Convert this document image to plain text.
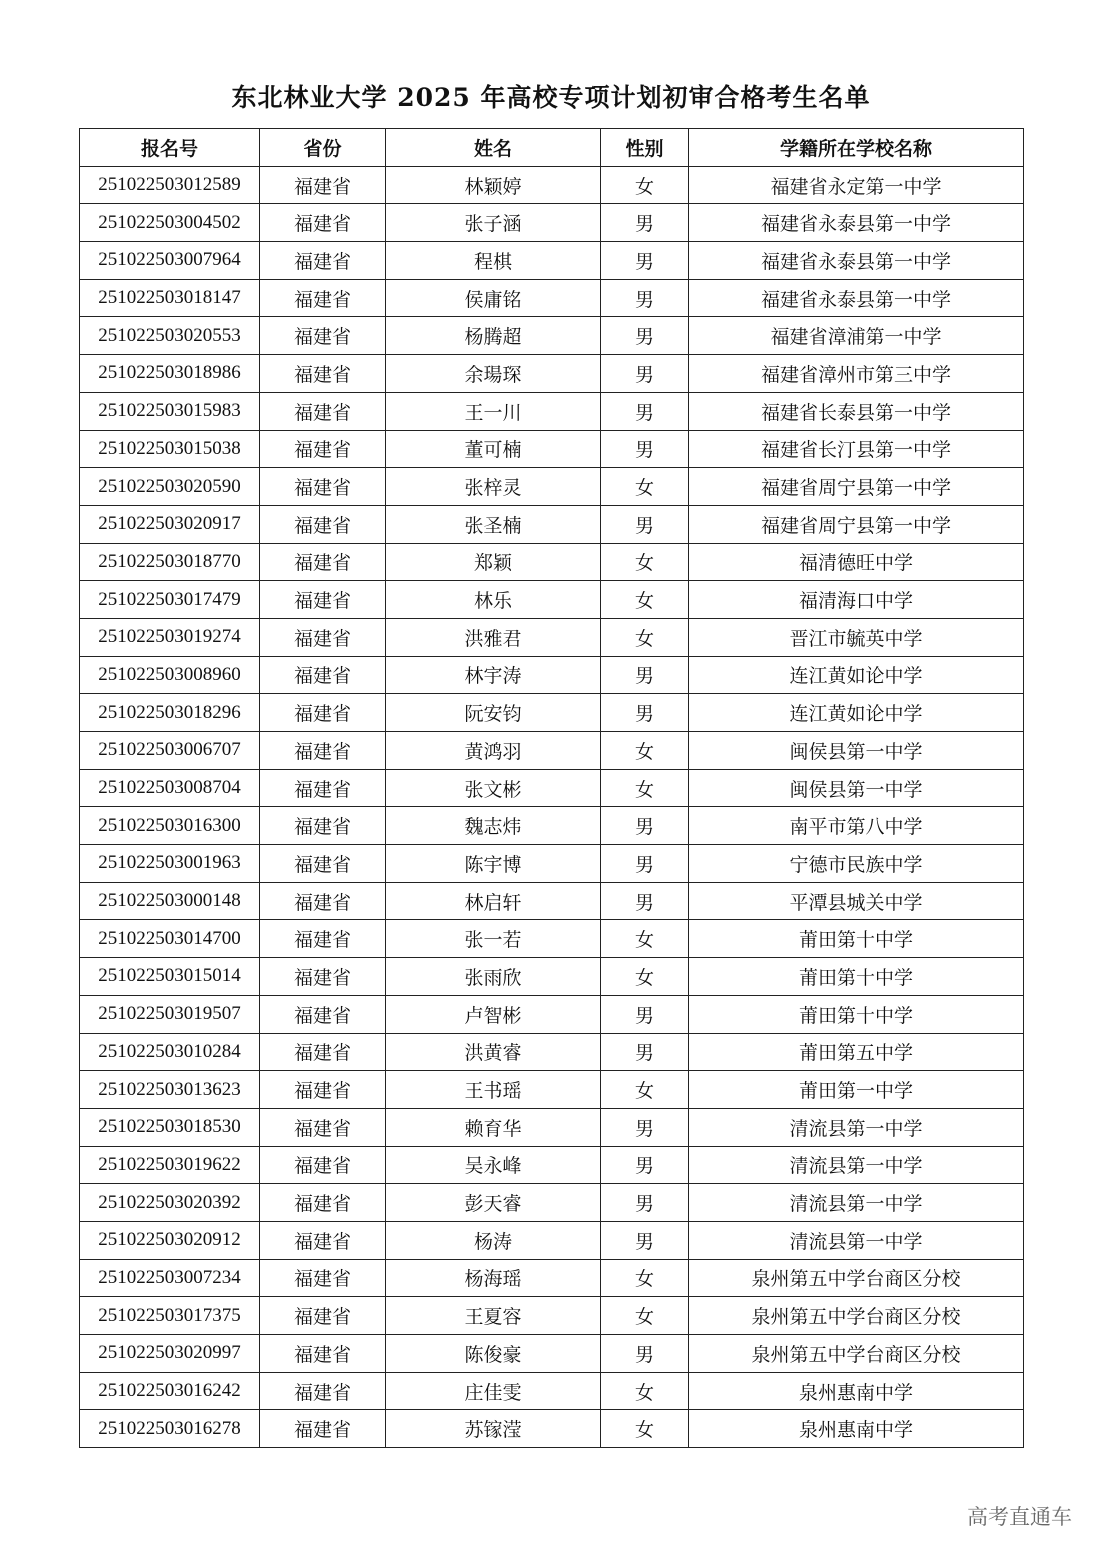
东北林业大学 2025 年高校专项计划初审合格考生名单
报名号	省份	姓名	性别	学籍所在学校名称
251022503012589	福建省	林颖婷	女	福建省永定第一中学
251022503004502	福建省	张子涵	男	福建省永泰县第一中学
251022503007964	福建省	程棋	男	福建省永泰县第一中学
251022503018147	福建省	侯庸铭	男	福建省永泰县第一中学
251022503020553	福建省	杨腾超	男	福建省漳浦第一中学
251022503018986	福建省	余瑒琛	男	福建省漳州市第三中学
251022503015983	福建省	王一川	男	福建省长泰县第一中学
251022503015038	福建省	董可楠	男	福建省长汀县第一中学
251022503020590	福建省	张梓灵	女	福建省周宁县第一中学
251022503020917	福建省	张圣楠	男	福建省周宁县第一中学
251022503018770	福建省	郑颖	女	福清德旺中学
251022503017479	福建省	林乐	女	福清海口中学
251022503019274	福建省	洪雅君	女	晋江市毓英中学
251022503008960	福建省	林宇涛	男	连江黄如论中学
251022503018296	福建省	阮安钧	男	连江黄如论中学
251022503006707	福建省	黄鸿羽	女	闽侯县第一中学
251022503008704	福建省	张文彬	女	闽侯县第一中学
251022503016300	福建省	魏志炜	男	南平市第八中学
251022503001963	福建省	陈宇博	男	宁德市民族中学
251022503000148	福建省	林启轩	男	平潭县城关中学
251022503014700	福建省	张一若	女	莆田第十中学
251022503015014	福建省	张雨欣	女	莆田第十中学
251022503019507	福建省	卢智彬	男	莆田第十中学
251022503010284	福建省	洪黄睿	男	莆田第五中学
251022503013623	福建省	王书瑶	女	莆田第一中学
251022503018530	福建省	赖育华	男	清流县第一中学
251022503019622	福建省	吴永峰	男	清流县第一中学
251022503020392	福建省	彭天睿	男	清流县第一中学
251022503020912	福建省	杨涛	男	清流县第一中学
251022503007234	福建省	杨海瑶	女	泉州第五中学台商区分校
251022503017375	福建省	王夏容	女	泉州第五中学台商区分校
251022503020997	福建省	陈俊豪	男	泉州第五中学台商区分校
251022503016242	福建省	庄佳雯	女	泉州惠南中学
251022503016278	福建省	苏镓滢	女	泉州惠南中学
高考直通车
